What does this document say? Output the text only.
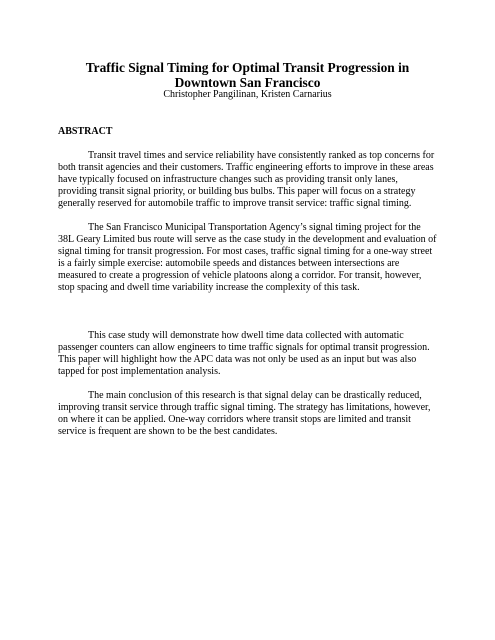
Traffic Signal Timing for Optimal Transit Progression in
Downtown San Francisco

Christopher Pangilinan, Kristen Carnarius

ABSTRACT

Transit travel times and service reliability have consistently ranked as top concerns for both transit agencies and their customers. Traffic engineering efforts to improve in these areas have typically focused on infrastructure changes such as providing transit only lanes, providing transit signal priority, or building bus bulbs. This paper will focus on a strategy generally reserved for automobile traffic to improve transit service: traffic signal timing.

The San Francisco Municipal Transportation Agency’s signal timing project for the 38L Geary Limited bus route will serve as the case study in the development and evaluation of signal timing for transit progression. For most cases, traffic signal timing for a one-way street is a fairly simple exercise: automobile speeds and distances between intersections are measured to create a progression of vehicle platoons along a corridor. For transit, however, stop spacing and dwell time variability increase the complexity of this task.

This case study will demonstrate how dwell time data collected with automatic passenger counters can allow engineers to time traffic signals for optimal transit progression. This paper will highlight how the APC data was not only be used as an input but was also tapped for post implementation analysis.

The main conclusion of this research is that signal delay can be drastically reduced, improving transit service through traffic signal timing. The strategy has limitations, however, on where it can be applied. One-way corridors where transit stops are limited and transit service is frequent are shown to be the best candidates.
